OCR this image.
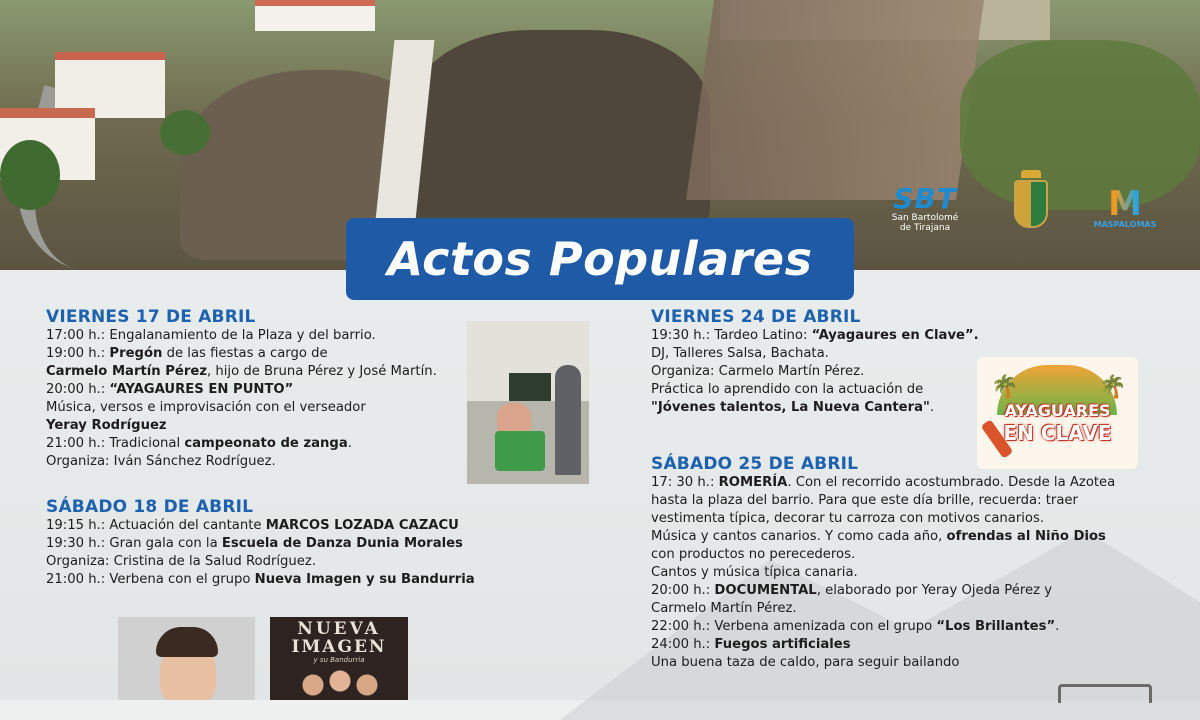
SBT
San Bartolomé
de Tirajana
M
MASPALOMAS
Actos Populares

VIERNES 17 DE ABRIL

17:00 h.: Engalanamiento de la Plaza y del barrio.

19:00 h.: Pregón de las fiestas a cargo de

Carmelo Martín Pérez, hijo de Bruna Pérez y José Martín.

20:00 h.: “AYAGAURES EN PUNTO”

Música, versos e improvisación con el verseador

Yeray Rodríguez

21:00 h.: Tradicional campeonato de zanga.

Organiza: Iván Sánchez Rodríguez.

SÁBADO 18 DE ABRIL

19:15 h.: Actuación del cantante MARCOS LOZADA CAZACU

19:30 h.: Gran gala con la Escuela de Danza Dunia Morales

Organiza: Cristina de la Salud Rodríguez.

21:00 h.: Verbena con el grupo Nueva Imagen y su Bandurria

NUEVA
IMAGEN
y su Bandurria

VIERNES 24 DE ABRIL

19:30 h.: Tardeo Latino: “Ayagaures en Clave”.

DJ, Talleres Salsa, Bachata.

Organiza: Carmelo Martín Pérez.

Práctica lo aprendido con la actuación de

"Jóvenes talentos, La Nueva Cantera".

🌴	🌴
AYAGUARES
EN CLAVE

SÁBADO 25 DE ABRIL

17: 30 h.: ROMERÍA. Con el recorrido acostumbrado. Desde la Azotea

hasta la plaza del barrio. Para que este día brille, recuerda: traer

vestimenta típica, decorar tu carroza con motivos canarios.

Música y cantos canarios. Y como cada año, ofrendas al Niño Dios

con productos no perecederos.

Cantos y música típica canaria.

20:00 h.: DOCUMENTAL, elaborado por Yeray Ojeda Pérez y

Carmelo Martín Pérez.

22:00 h.: Verbena amenizada con el grupo “Los Brillantes”.

24:00 h.: Fuegos artificiales

Una buena taza de caldo, para seguir bailando
